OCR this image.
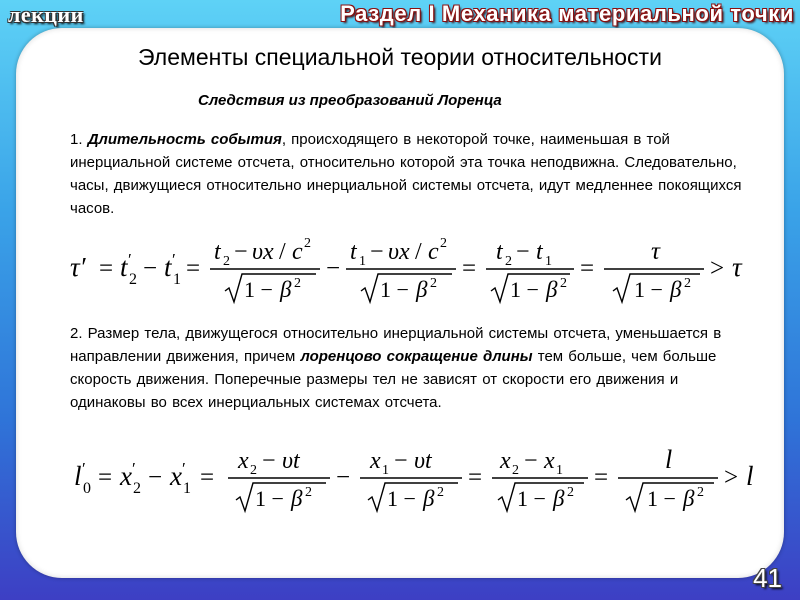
лекции	Раздел I Механика материальной точки
Элементы специальной теории относительности
Следствия из преобразований Лоренца

1. Длительность события, происходящего в некоторой точке, наименьшая в той инерциальной системе отсчета, относительно которой эта точка неподвижна. Следовательно, часы, движущиеся относительно инерциальной системы отсчета, идут медленнее покоящихся часов.

τ′ = t ′
2 − t ′
1 =
t 2 − υx / c 2
1 − β 2
−
t 1 − υx / c 2
1 − β 2
=
t 2 − t 1
1 − β 2
=
τ
1 − β 2
> τ

2. Размер тела, движущегося относительно инерциальной системы отсчета, уменьшается в направлении движения, причем лоренцово сокращение длины тем больше, чем больше скорость движения. Поперечные размеры тел не зависят от скорости его движения и одинаковы во всех инерциальных системах отсчета.

l ′
0 = x ′
2 − x ′
1 =
x 2 − υt
1 − β 2
−
x 1 − υt
1 − β 2
=
x 2 − x 1
1 − β 2
=
l
1 − β 2
> l
41
